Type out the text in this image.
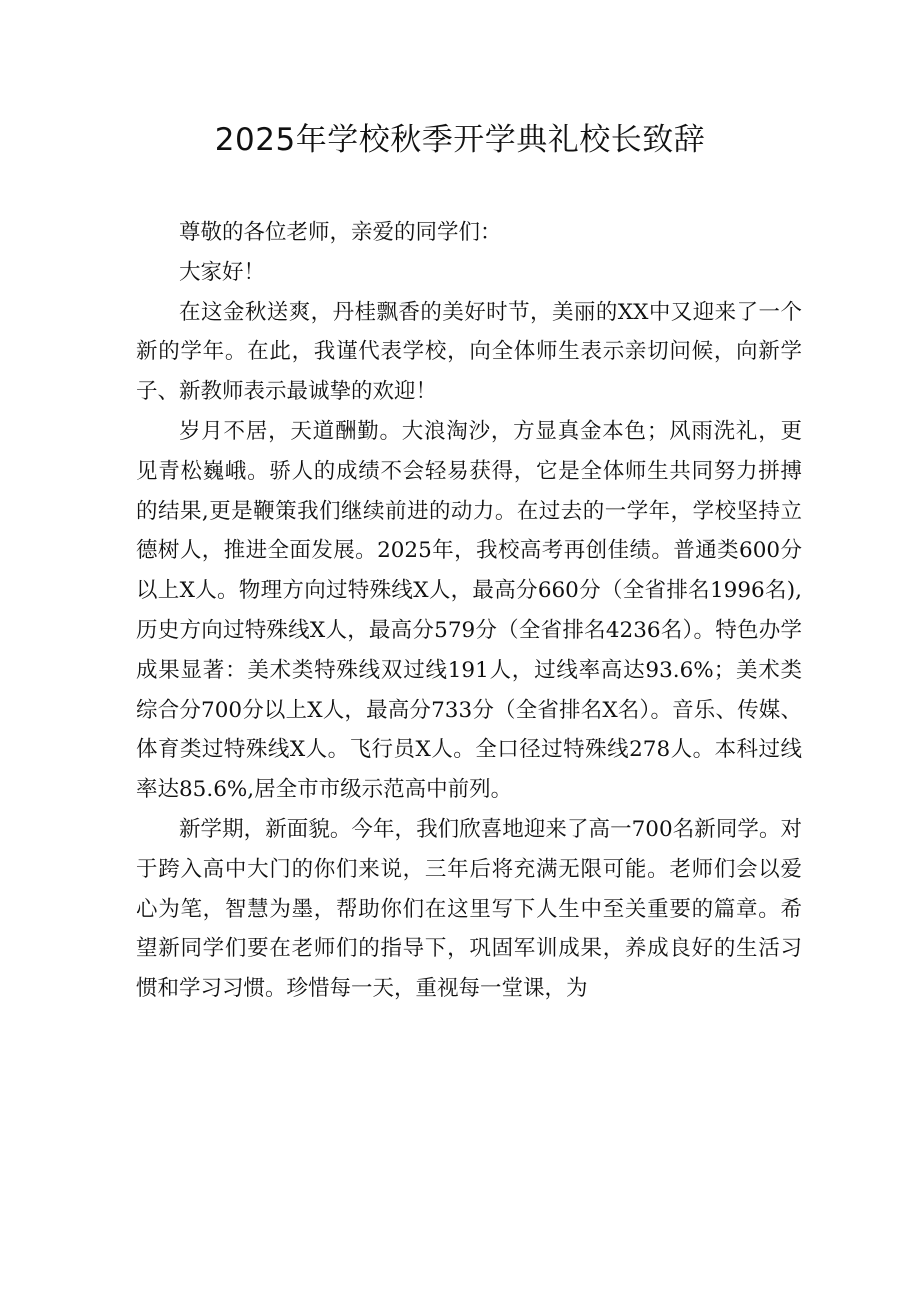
2025年学校秋季开学典礼校长致辞

尊敬的各位老师，亲爱的同学们：

大家好！

在这金秋送爽，丹桂飘香的美好时节，美丽的XX中又迎来了一个新的学年。在此，我谨代表学校，向全体师生表示亲切问候，向新学子、新教师表示最诚挚的欢迎！

岁月不居，天道酬勤。大浪淘沙，方显真金本色；风雨洗礼，更见青松巍峨。骄人的成绩不会轻易获得，它是全体师生共同努力拼搏的结果,更是鞭策我们继续前进的动力。在过去的一学年，学校坚持立德树人，推进全面发展。2025年，我校高考再创佳绩。普通类600分以上X人。物理方向过特殊线X人，最高分660分（全省排名1996名),历史方向过特殊线X人，最高分579分（全省排名4236名）。特色办学成果显著：美术类特殊线双过线191人，过线率高达93.6%；美术类综合分700分以上X人，最高分733分（全省排名X名）。音乐、传媒、体育类过特殊线X人。飞行员X人。全口径过特殊线278人。本科过线率达85.6%,居全市市级示范高中前列。

新学期，新面貌。今年，我们欣喜地迎来了高一700名新同学。对于跨入高中大门的你们来说，三年后将充满无限可能。老师们会以爱心为笔，智慧为墨，帮助你们在这里写下人生中至关重要的篇章。希望新同学们要在老师们的指导下，巩固军训成果，养成良好的生活习惯和学习习惯。珍惜每一天，重视每一堂课，为
